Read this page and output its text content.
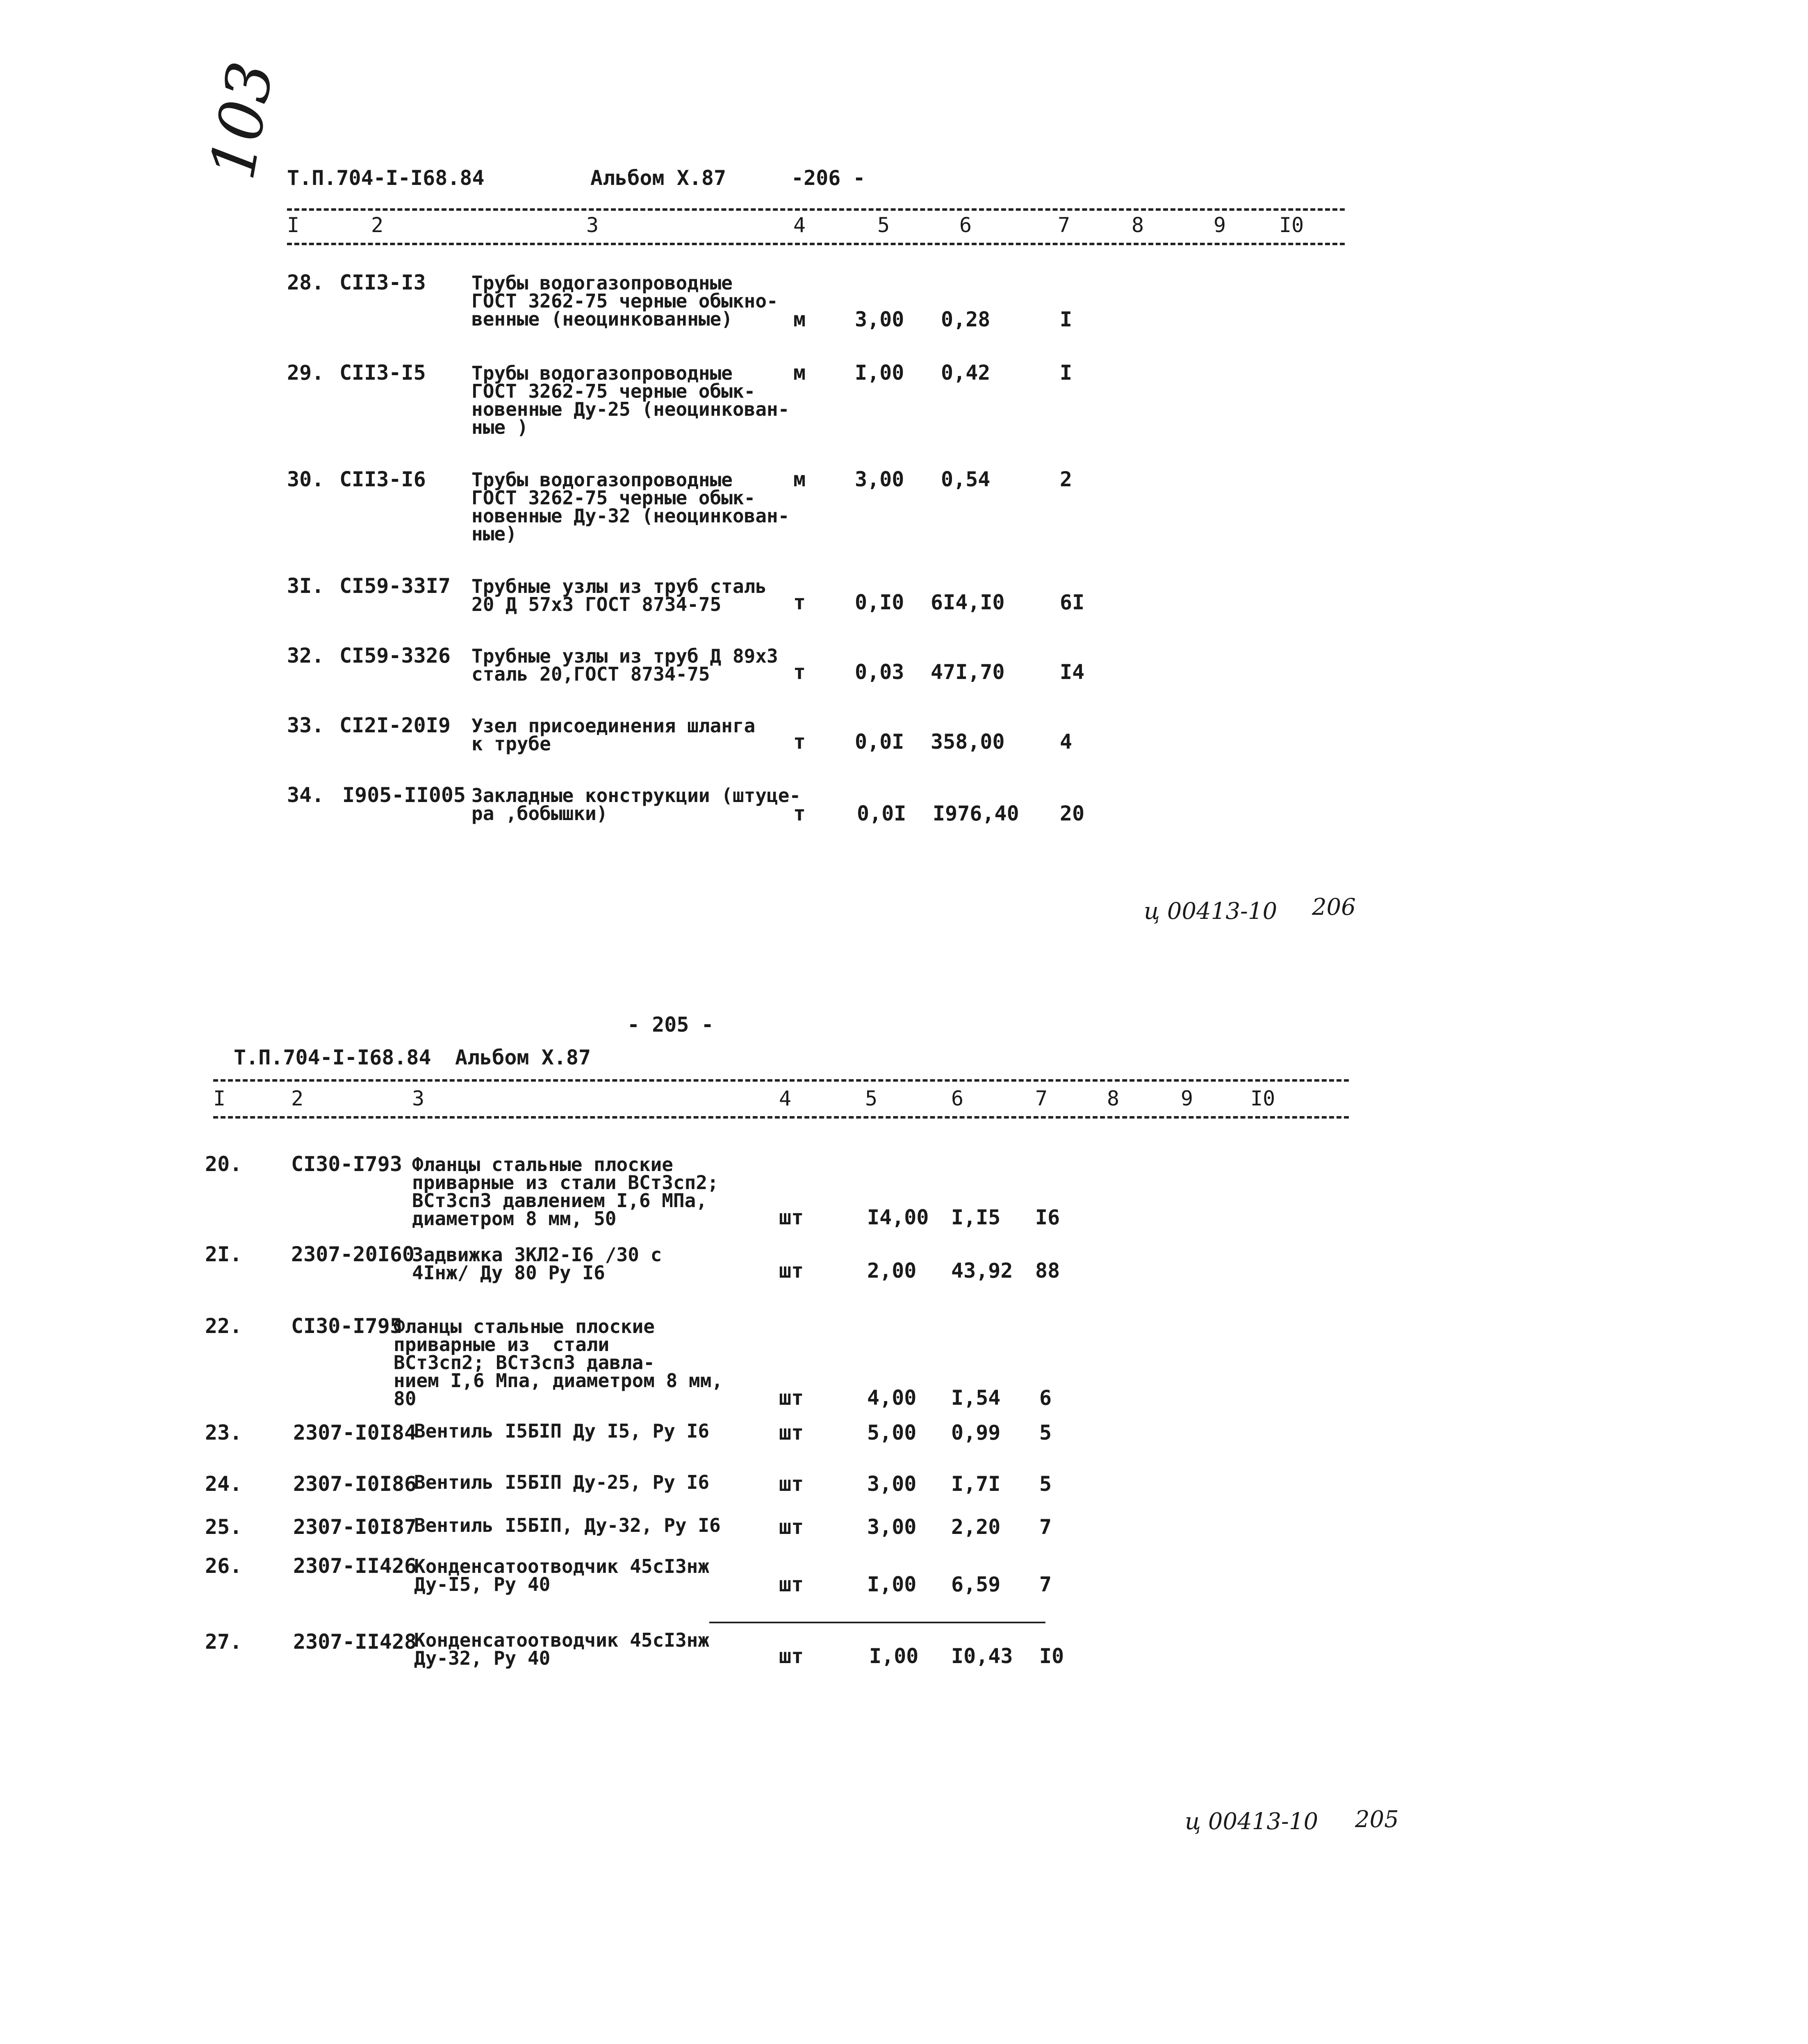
103
Т.П.704-I-I68.84	Альбом X.87	-206 -
I	2	3	4	5	6	7	8	9	I0
28. CII3-I3 Трубы водогазопроводные
ГОСТ 3262-75 черные обыкно-
венные (неоцинкованные)	м 3,00 0,28	I
29. CII3-I5 Трубы водогазопроводные
ГОСТ 3262-75 черные обык-
новенные Ду-25 (неоцинкован-
ные )
м I,00 0,42	I
30. CII3-I6 Трубы водогазопроводные
ГОСТ 3262-75 черные обык-
новенные Ду-32 (неоцинкован-
ные)
м 3,00 0,54	2
3I. CI59-33I7 Трубные узлы из труб сталь
20 Д 57х3 ГОСТ 8734-75	т 0,I0 6I4,I0	6I
32. CI59-3326 Трубные узлы из труб Д 89х3
сталь 20,ГОСТ 8734-75	т 0,03 47I,70	I4
33. CI2I-20I9 Узел присоединения шланга
к трубе	т 0,0I 358,00	4
34. I905-II005 Закладные конструкции (штуце-
ра ,бобышки)	т 0,0I I976,40 20
ц 00413-10 206
- 205 -
Т.П.704-I-I68.84 Альбом X.87
I	2	3	4	5	6	7	8	9	I0
20. CI30-I793 Фланцы стальные плоские
приварные из стали ВСт3сп2;
ВСт3сп3 давлением I,6 МПа,
диаметром 8 мм, 50	шт	I4,00 I,I5 I6
2I. 2307-20I60
Задвижка 3КЛ2-I6 /30 с
4Iнж/ Ду 80 Ру I6	шт	2,00 43,92 88
22. CI30-I795
Фланцы стальные плоские
приварные из  стали
ВСт3сп2; ВСт3сп3 давла-
нием I,6 Мпа, диаметром 8 мм,
80	шт	4,00 I,54 6
23. 2307-I0I84
Вентиль I5БIП Ду I5, Ру I6	шт	5,00 0,99 5
24. 2307-I0I86
Вентиль I5БIП Ду-25, Ру I6	шт	3,00 I,7I 5
25. 2307-I0I87
Вентиль I5БIП, Ду-32, Ру I6	шт	3,00 2,20 7
26. 2307-II426
Конденсатоотводчик 45сI3нж
Ду-I5, Ру 40	шт	I,00 6,59 7
27. 2307-II428
Конденсатоотводчик 45сI3нж
Ду-32, Ру 40	шт	I,00 I0,43 I0
ц 00413-10 205
